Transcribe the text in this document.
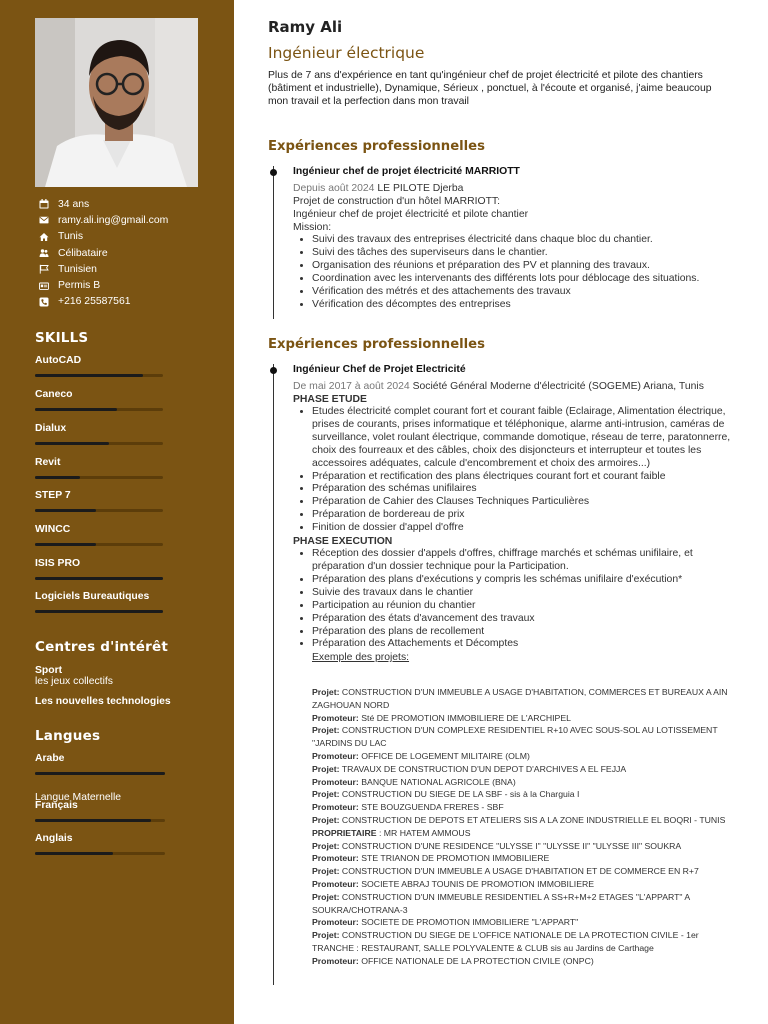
34 ans
ramy.ali.ing@gmail.com
Tunis
Célibataire
Tunisien
Permis B
+216 25587561
SKILLS
AutoCAD
Caneco
Dialux
Revit
STEP 7
WINCC
ISIS PRO
Logiciels Bureautiques
Centres d'intérêt
Sport
les jeux collectifs
Les nouvelles technologies
Langues
Arabe
Langue Maternelle
Français
Anglais
Ramy Ali
Ingénieur électrique
Plus de 7 ans d'expérience en tant qu'ingénieur chef de projet électricité et pilote des chantiers (bâtiment et industrielle), Dynamique, Sérieux , ponctuel, à l'écoute et organisé, j'aime beaucoup mon travail et la perfection dans mon travail
Expériences professionnelles
Expériences professionnelles
Ingénieur chef de projet électricité MARRIOTT
Depuis août 2024 LE PILOTE Djerba
Projet de construction d'un hôtel MARRIOTT:
Ingénieur chef de projet électricité et pilote chantier
Mission:
• Suivi des travaux des entreprises électricité dans chaque bloc du chantier.
• Suivi des tâches des superviseurs dans le chantier.
• Organisation des réunions et préparation des PV et planning des travaux.
• Coordination avec les intervenants des différents lots pour déblocage des situations.
• Vérification des métrés et des attachements des travaux
• Vérification des décomptes des entreprises
Ingénieur Chef de Projet Electricité
De mai 2017 à août 2024 Société Général Moderne d'électricité (SOGEME) Ariana, Tunis
PHASE ETUDE
• Etudes électricité complet courant fort et courant faible (Eclairage, Alimentation électrique, prises de courants, prises informatique et téléphonique, alarme anti-intrusion, caméras de surveillance, volet roulant électrique, commande domotique, réseau de terre, paratonnerre, choix des fourreaux et des câbles, choix des disjoncteurs et interrupteur et toutes les accessoires adéquates, calcule d'encombrement et choix des armoires...)
• Préparation et rectification des plans électriques courant fort et courant faible
• Préparation des schémas unifilaires
• Préparation de Cahier des Clauses Techniques Particulières
• Préparation de bordereau de prix
• Finition de dossier d'appel d'offre
PHASE EXECUTION
• Réception des dossier d'appels d'offres, chiffrage marchés et schémas unifilaire, et préparation d'un dossier technique pour la Participation.
• Préparation des plans d'exécutions y compris les schémas unifilaire d'exécution*
• Suivie des travaux dans le chantier
• Participation au réunion du chantier
• Préparation des états d'avancement des travaux
• Préparation des plans de recollement
• Préparation des Attachements et Décomptes
Exemple des projets:
Projet: CONSTRUCTION D'UN IMMEUBLE A USAGE D'HABITATION, COMMERCES ET BUREAUX A AIN ZAGHOUAN NORD
Promoteur: Sté DE PROMOTION IMMOBILIERE DE L'ARCHIPEL
Projet: CONSTRUCTION D'UN COMPLEXE RESIDENTIEL R+10 AVEC SOUS-SOL AU LOTISSEMENT "JARDINS DU LAC
Promoteur: OFFICE DE LOGEMENT MILITAIRE (OLM)
Projet: TRAVAUX DE CONSTRUCTION D'UN DEPOT D'ARCHIVES A EL FEJJA
Promoteur: BANQUE NATIONAL AGRICOLE (BNA)
Projet: CONSTRUCTION DU SIEGE DE LA SBF - sis à la Charguia I
Promoteur: STE BOUZGUENDA FRERES - SBF
Projet: CONSTRUCTION DE DEPOTS ET ATELIERS SIS A LA ZONE INDUSTRIELLE EL BOQRI - TUNIS
PROPRIETAIRE : MR HATEM AMMOUS
Projet: CONSTRUCTION D'UNE RESIDENCE "ULYSSE I" "ULYSSE II" "ULYSSE III" SOUKRA
Promoteur: STE TRIANON DE PROMOTION IMMOBILIERE
Projet: CONSTRUCTION D'UN IMMEUBLE A USAGE D'HABITATION ET DE COMMERCE EN R+7
Promoteur: SOCIETE ABRAJ TOUNIS DE PROMOTION IMMOBILIERE
Projet: CONSTRUCTION D'UN IMMEUBLE RESIDENTIEL A SS+R+M+2 ETAGES "L'APPART" A SOUKRA/CHOTRANA-3
Promoteur: SOCIETE DE PROMOTION IMMOBILIERE "L'APPART"
Projet: CONSTRUCTION DU SIEGE DE L'OFFICE NATIONALE DE LA PROTECTION CIVILE - 1er TRANCHE : RESTAURANT, SALLE POLYVALENTE & CLUB sis au Jardins de Carthage
Promoteur: OFFICE NATIONALE DE LA PROTECTION CIVILE (ONPC)
